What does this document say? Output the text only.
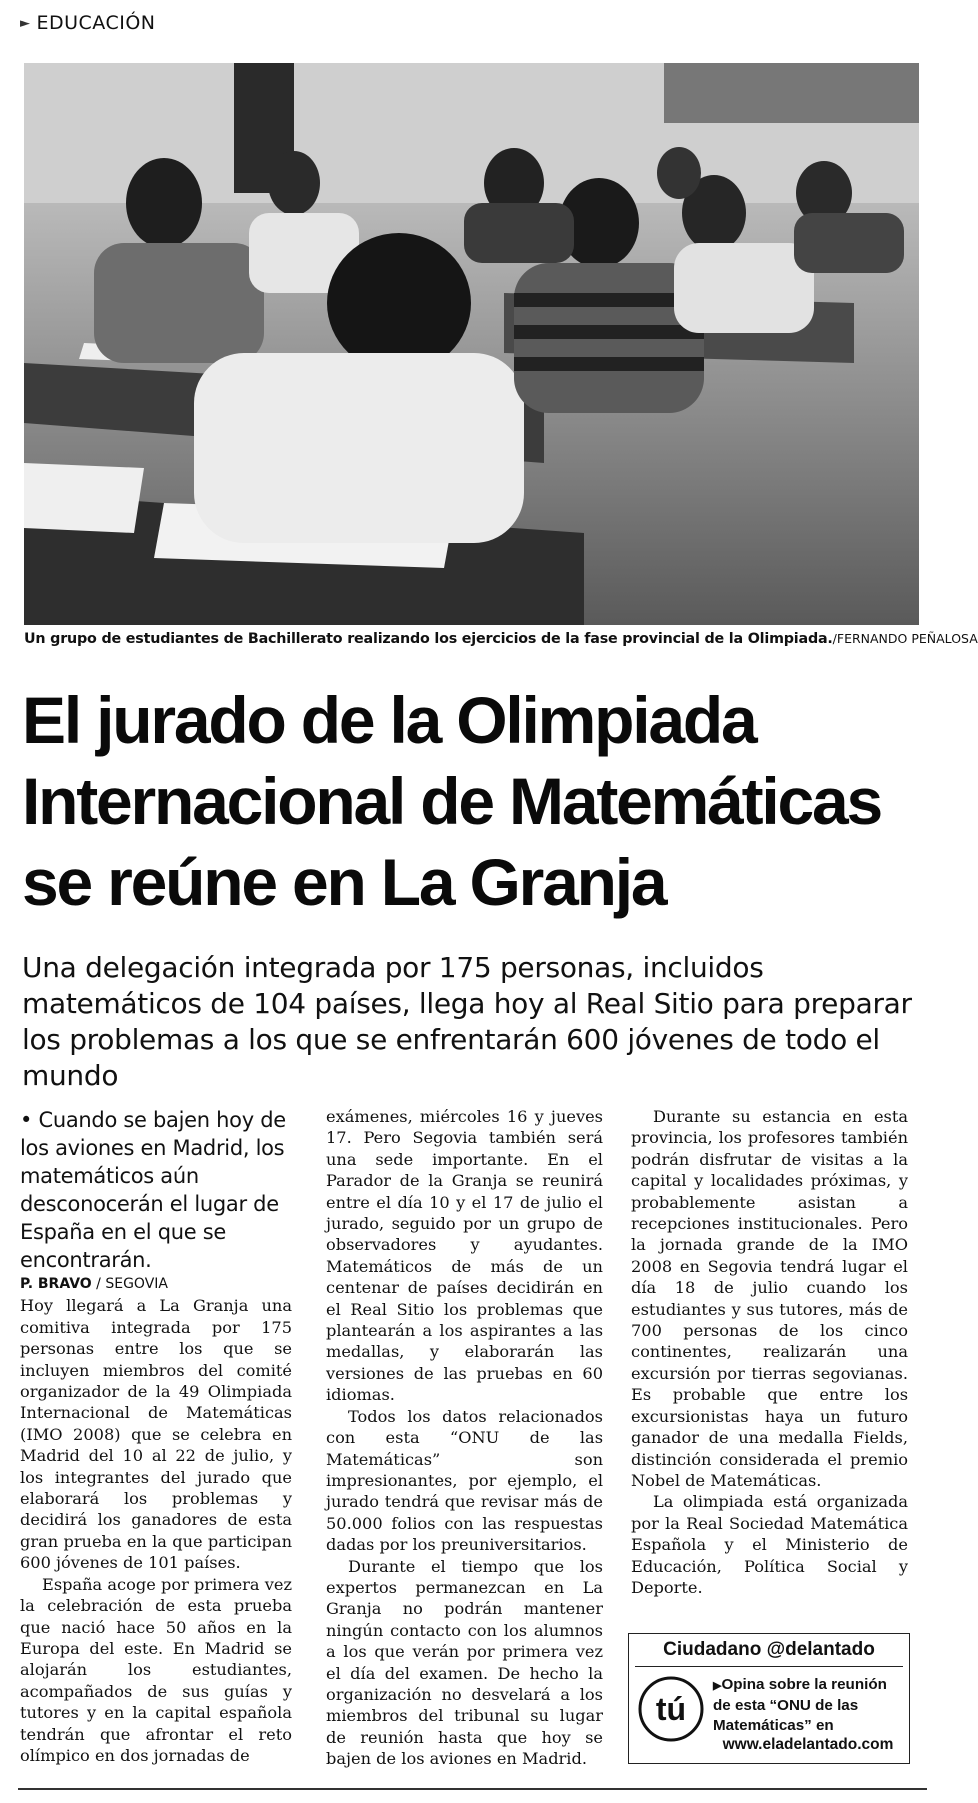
► EDUCACIÓN
Un grupo de estudiantes de Bachillerato realizando los ejercicios de la fase provincial de la Olimpiada./FERNANDO PEÑALOSA
El jurado de la Olimpiada
Internacional de Matemáticas
se reúne en La Granja

Una delegación integrada por 175 personas, incluidos matemáticos de 104 países, llega hoy al Real Sitio para preparar los problemas a los que se enfrentarán 600 jóvenes de todo el mundo

• Cuando se bajen hoy de los aviones en Madrid, los matemáticos aún desconocerán el lugar de España en el que se encontrarán.

P. BRAVO / SEGOVIA

Hoy llegará a La Granja una comitiva integrada por 175 personas entre los que se incluyen miembros del comité organizador de la 49 Olimpiada Internacional de Matemáticas (IMO 2008) que se celebra en Madrid del 10 al 22 de julio, y los integrantes del jurado que elaborará los problemas y decidirá los ganadores de esta gran prueba en la que participan 600 jóvenes de 101 países.

España acoge por primera vez la celebración de esta prueba que nació hace 50 años en la Europa del este. En Madrid se alojarán los estudiantes, acompañados de sus guías y tutores y en la capital española tendrán que afrontar el reto olímpico en dos jornadas de

exámenes, miércoles 16 y jueves 17. Pero Segovia también será una sede importante. En el Parador de la Granja se reunirá entre el día 10 y el 17 de julio el jurado, seguido por un grupo de observadores y ayudantes. Matemáticos de más de un centenar de países decidirán en el Real Sitio los problemas que plantearán a los aspirantes a las medallas, y elaborarán las versiones de las pruebas en 60 idiomas.

Todos los datos relacionados con esta “ONU de las Matemáticas” son impresionantes, por ejemplo, el jurado tendrá que revisar más de 50.000 folios con las respuestas dadas por los preuniversitarios.

Durante el tiempo que los expertos permanezcan en La Granja no podrán mantener ningún contacto con los alumnos a los que verán por primera vez el día del examen. De hecho la organización no desvelará a los miembros del tribunal su lugar de reunión hasta que hoy se bajen de los aviones en Madrid.

Durante su estancia en esta provincia, los profesores también podrán disfrutar de visitas a la capital y localidades próximas, y probablemente asistan a recepciones institucionales. Pero la jornada grande de la IMO 2008 en Segovia tendrá lugar el día 18 de julio cuando los estudiantes y sus tutores, más de 700 personas de los cinco continentes, realizarán una excursión por tierras segovianas. Es probable que entre los excursionistas haya un futuro ganador de una medalla Fields, distinción considerada el premio Nobel de Matemáticas.

La olimpiada está organizada por la Real Sociedad Matemática Española y el Ministerio de Educación, Política Social y Deporte.

Ciudadano @delantado
tú
▶Opina sobre la reunión de esta “ONU de las Matemáticas” en
www.eladelantado.com
